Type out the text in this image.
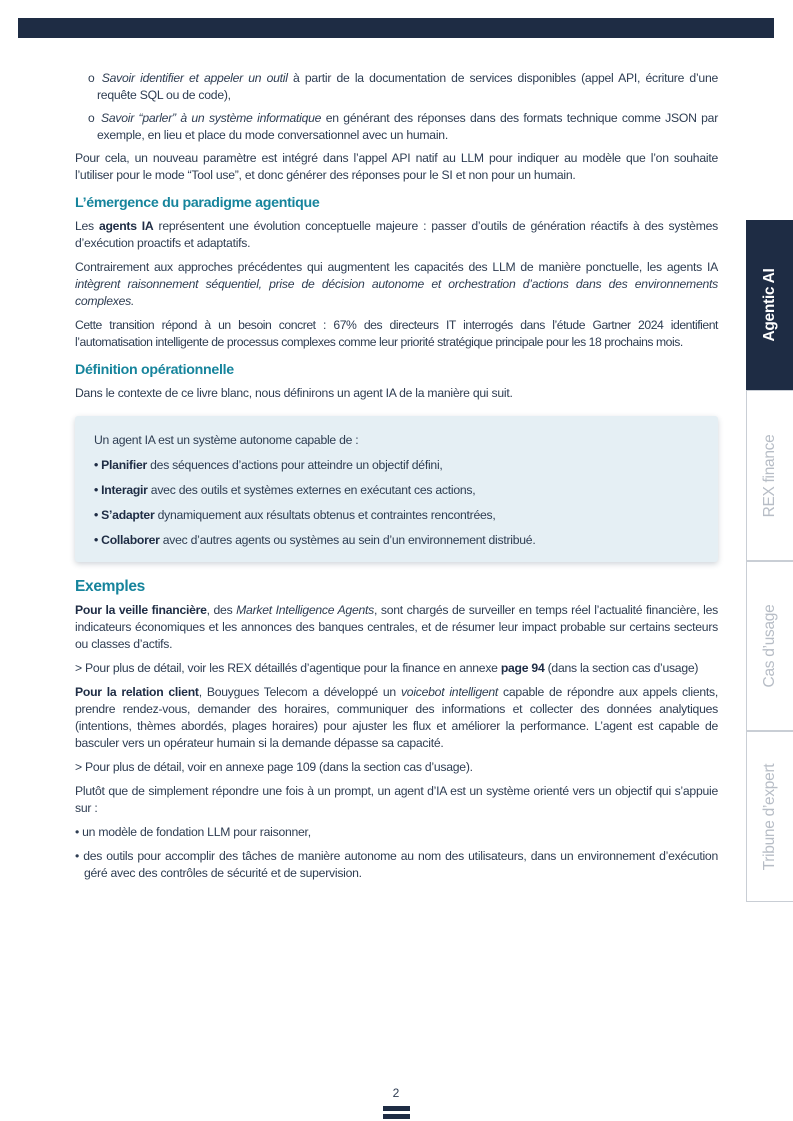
o Savoir identifier et appeler un outil à partir de la documentation de services disponibles (appel API, écriture d’une requête SQL ou de code),

o Savoir “parler” à un système informatique en générant des réponses dans des formats technique comme JSON par exemple, en lieu et place du mode conversationnel avec un humain.

Pour cela, un nouveau paramètre est intégré dans l’appel API natif au LLM pour indiquer au modèle que l’on souhaite l’utiliser pour le mode “Tool use”, et donc générer des réponses pour le SI et non pour un humain.

L’émergence du paradigme agentique

Les agents IA représentent une évolution conceptuelle majeure : passer d’outils de génération réactifs à des systèmes d’exécution proactifs et adaptatifs.

Contrairement aux approches précédentes qui augmentent les capacités des LLM de manière ponctuelle, les agents IA intègrent raisonnement séquentiel, prise de décision autonome et orchestration d’actions dans des environnements complexes.

Cette transition répond à un besoin concret : 67% des directeurs IT interrogés dans l’étude Gartner 2024 identifient l’automatisation intelligente de processus complexes comme leur priorité stratégique principale pour les 18 prochains mois.

Définition opérationnelle

Dans le contexte de ce livre blanc, nous définirons un agent IA de la manière qui suit.

Un agent IA est un système autonome capable de :

• Planifier des séquences d’actions pour atteindre un objectif défini,

• Interagir avec des outils et systèmes externes en exécutant ces actions,

• S’adapter dynamiquement aux résultats obtenus et contraintes rencontrées,

• Collaborer avec d’autres agents ou systèmes au sein d’un environnement distribué.

Exemples

Pour la veille financière, des Market Intelligence Agents, sont chargés de surveiller en temps réel l’actualité financière, les indicateurs économiques et les annonces des banques centrales, et de résumer leur impact probable sur certains secteurs ou classes d’actifs.

> Pour plus de détail, voir les REX détaillés d’agentique pour la finance en annexe page 94 (dans la section cas d’usage)

Pour la relation client, Bouygues Telecom a développé un voicebot intelligent capable de répondre aux appels clients, prendre rendez-vous, demander des horaires, communiquer des informations et collecter des données analytiques (intentions, thèmes abordés, plages horaires) pour ajuster les flux et améliorer la performance. L’agent est capable de basculer vers un opérateur humain si la demande dépasse sa capacité.

> Pour plus de détail, voir en annexe page 109 (dans la section cas d’usage).

Plutôt que de simplement répondre une fois à un prompt, un agent d’IA est un système orienté vers un objectif qui s’appuie sur :

• un modèle de fondation LLM pour raisonner,

• des outils pour accomplir des tâches de manière autonome au nom des utilisateurs, dans un environnement d’exécution géré avec des contrôles de sécurité et de supervision.

Agentic AI
REX finance
Cas d’usage
Tribune d’expert
2
